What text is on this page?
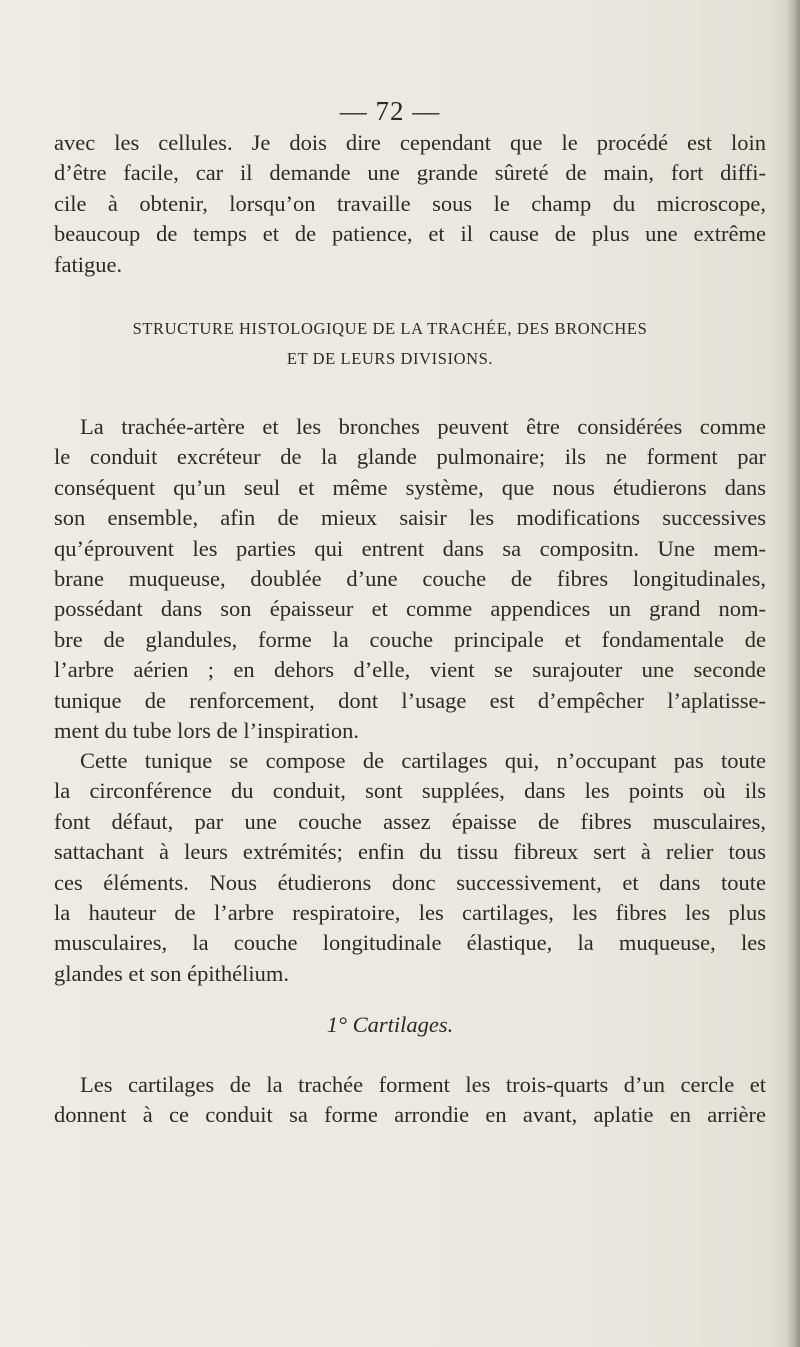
— 72 —
avec les cellules. Je dois dire cependant que le procédé est loin
d’être facile, car il demande une grande sûreté de main, fort diffi-
cile à obtenir, lorsqu’on travaille sous le champ du microscope,
beaucoup de temps et de patience, et il cause de plus une extrême
fatigue.
STRUCTURE HISTOLOGIQUE DE LA TRACHÉE, DES BRONCHES
ET DE LEURS DIVISIONS.
La trachée-artère et les bronches peuvent être considérées comme
le conduit excréteur de la glande pulmonaire; ils ne forment par
conséquent qu’un seul et même système, que nous étudierons dans
son ensemble, afin de mieux saisir les modifications successives
qu’éprouvent les parties qui entrent dans sa compositn. Une mem-
brane muqueuse, doublée d’une couche de fibres longitudinales,
possédant dans son épaisseur et comme appendices un grand nom-
bre de glandules, forme la couche principale et fondamentale de
l’arbre aérien ; en dehors d’elle, vient se surajouter une seconde
tunique de renforcement, dont l’usage est d’empêcher l’aplatisse-
ment du tube lors de l’inspiration.
Cette tunique se compose de cartilages qui, n’occupant pas toute
la circonférence du conduit, sont supplées, dans les points où ils
font défaut, par une couche assez épaisse de fibres musculaires,
sattachant à leurs extrémités; enfin du tissu fibreux sert à relier tous
ces éléments. Nous étudierons donc successivement, et dans toute
la hauteur de l’arbre respiratoire, les cartilages, les fibres les plus
musculaires, la couche longitudinale élastique, la muqueuse, les
glandes et son épithélium.
1° Cartilages.
Les cartilages de la trachée forment les trois-quarts d’un cercle et
donnent à ce conduit sa forme arrondie en avant, aplatie en arrière
